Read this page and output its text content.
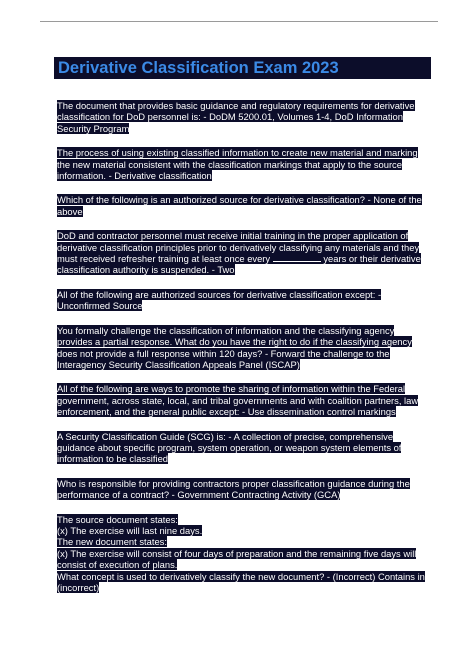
Derivative Classification Exam 2023

The document that provides basic guidance and regulatory requirements for derivative classification for DoD personnel is: - DoDM 5200.01, Volumes 1-4, DoD Information Security Program

The process of using existing classified information to create new material and marking the new material consistent with the classification markings that apply to the source information. - Derivative classification

Which of the following is an authorized source for derivative classification? - None of the above

DoD and contractor personnel must receive initial training in the proper application of derivative classification principles prior to derivatively classifying any materials and they must received refresher training at least once every	years or their derivative classification authority is suspended. - Two

All of the following are authorized sources for derivative classification except: - Unconfirmed Source

You formally challenge the classification of information and the classifying agency provides a partial response. What do you have the right to do if the classifying agency does not provide a full response within 120 days? - Forward the challenge to the Interagency Security Classification Appeals Panel (ISCAP)

All of the following are ways to promote the sharing of information within the Federal government, across state, local, and tribal governments and with coalition partners, law enforcement, and the general public except: - Use dissemination control markings

A Security Classification Guide (SCG) is: - A collection of precise, comprehensive guidance about specific program, system operation, or weapon system elements of information to be classified

Who is responsible for providing contractors proper classification guidance during the performance of a contract? - Government Contracting Activity (GCA)

The source document states:

(x) The exercise will last nine days.

The new document states:

(x) The exercise will consist of four days of preparation and the remaining five days will consist of execution of plans.

What concept is used to derivatively classify the new document? - (Incorrect) Contains in (incorrect)
